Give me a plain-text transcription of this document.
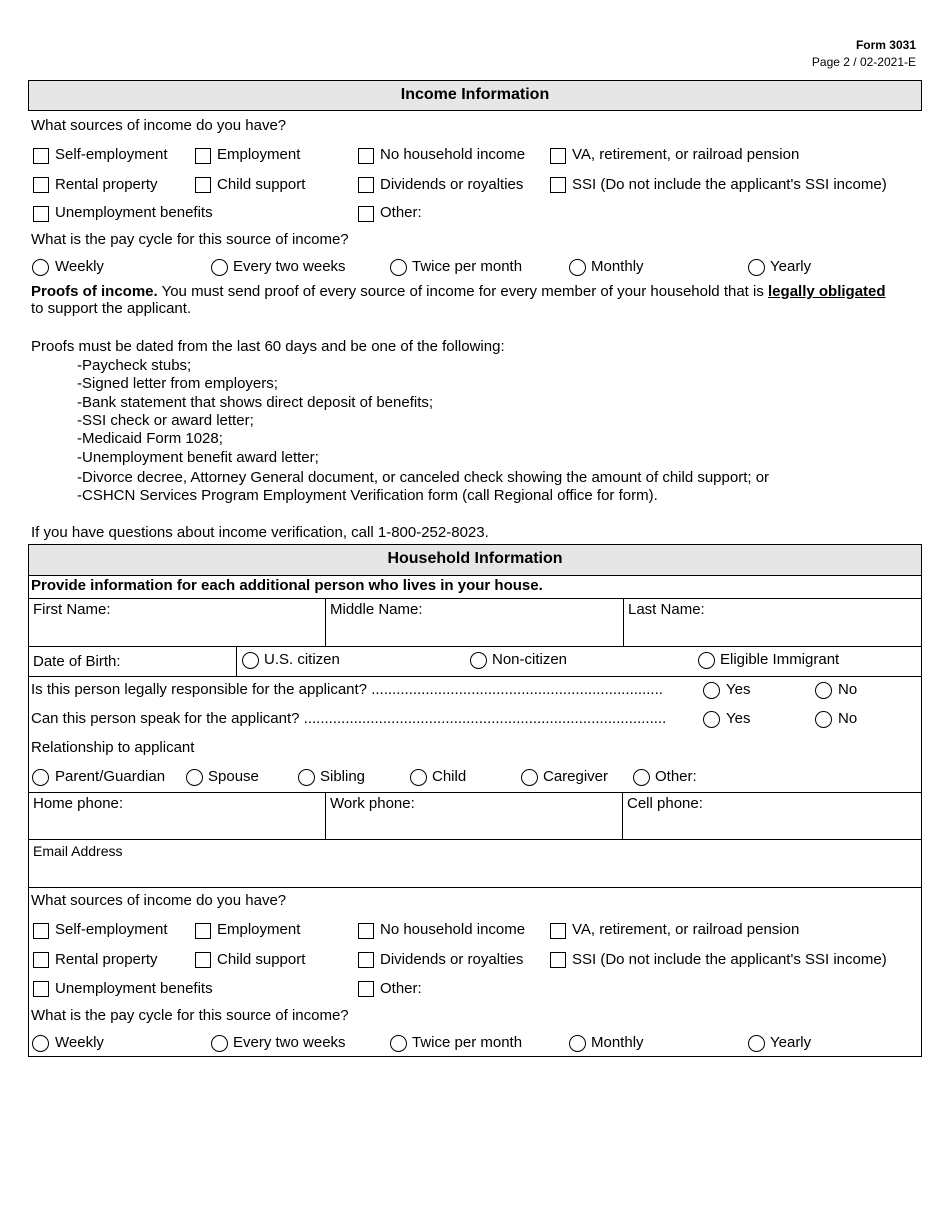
Form 3031
Page 2 / 02-2021-E
Income Information
What sources of income do you have?
Self-employment	Employment	No household income	VA, retirement, or railroad pension
Rental property	Child support	Dividends or royalties	SSI (Do not include the applicant's SSI income)
Unemployment benefits	Other:
What is the pay cycle for this source of income?
Weekly	Every two weeks	Twice per month	Monthly	Yearly
Proofs of income. You must send proof of every source of income for every member of your household that is legally obligated
to support the applicant.
Proofs must be dated from the last 60 days and be one of the following:
-Paycheck stubs;
-Signed letter from employers;
-Bank statement that shows direct deposit of benefits;
-SSI check or award letter;
-Medicaid Form 1028;
-Unemployment benefit award letter;
-Divorce decree, Attorney General document, or canceled check showing the amount of child support; or
-CSHCN Services Program Employment Verification form (call Regional office for form).
If you have questions about income verification, call 1-800-252-8023.
Household Information
Provide information for each additional person who lives in your house.
First Name:	Middle Name:	Last Name:
Date of Birth:	U.S. citizen	Non-citizen	Eligible Immigrant
Is this person legally responsible for the applicant? ......................................................................	Yes	No
Can this person speak for the applicant? .......................................................................................	Yes	No
Relationship to applicant
Parent/Guardian	Spouse	Sibling	Child	Caregiver	Other:
Home phone:	Work phone:	Cell phone:
Email Address
What sources of income do you have?
Self-employment	Employment	No household income	VA, retirement, or railroad pension
Rental property	Child support	Dividends or royalties	SSI (Do not include the applicant's SSI income)
Unemployment benefits	Other:
What is the pay cycle for this source of income?
Weekly	Every two weeks	Twice per month	Monthly	Yearly
